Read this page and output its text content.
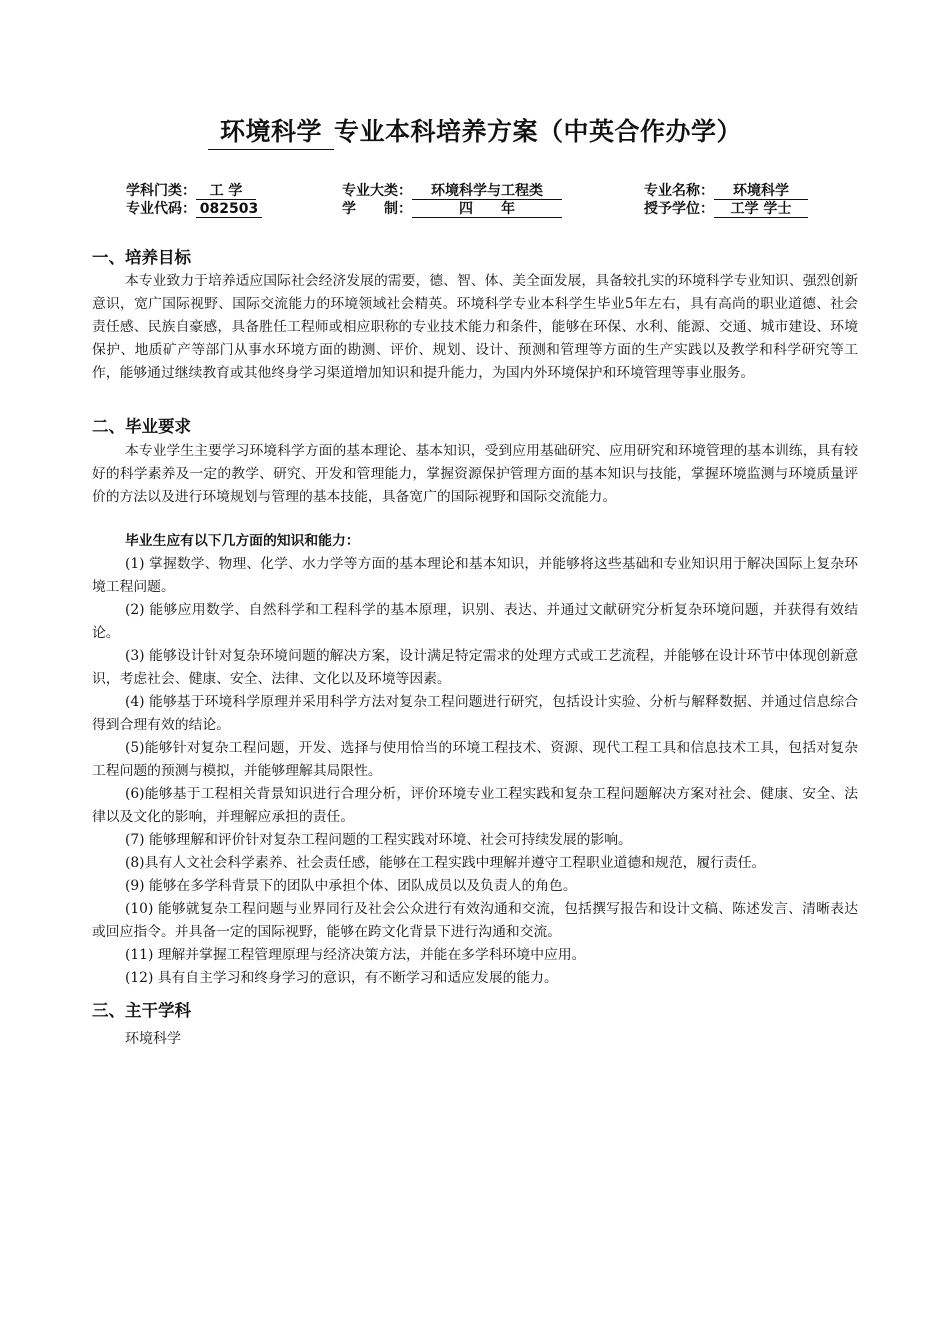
环境科学 专业本科培养方案（中英合作办学）
学科门类： 工 学	专业大类： 环境科学与工程类	专业名称： 环境科学
专业代码： 082503	学　　制：	四　　年	授予学位： 工学 学士
一、培养目标

本专业致力于培养适应国际社会经济发展的需要，德、智、体、美全面发展，具备较扎实的环境科学专业知识、强烈创新意识，宽广国际视野、国际交流能力的环境领域社会精英。环境科学专业本科学生毕业5年左右，具有高尚的职业道德、社会责任感、民族自豪感，具备胜任工程师或相应职称的专业技术能力和条件，能够在环保、水利、能源、交通、城市建设、环境保护、地质矿产等部门从事水环境方面的勘测、评价、规划、设计、预测和管理等方面的生产实践以及教学和科学研究等工作，能够通过继续教育或其他终身学习渠道增加知识和提升能力，为国内外环境保护和环境管理等事业服务。

二、毕业要求

本专业学生主要学习环境科学方面的基本理论、基本知识，受到应用基础研究、应用研究和环境管理的基本训练，具有较好的科学素养及一定的教学、研究、开发和管理能力，掌握资源保护管理方面的基本知识与技能，掌握环境监测与环境质量评价的方法以及进行环境规划与管理的基本技能，具备宽广的国际视野和国际交流能力。

毕业生应有以下几方面的知识和能力：

(1) 掌握数学、物理、化学、水力学等方面的基本理论和基本知识，并能够将这些基础和专业知识用于解决国际上复杂环境工程问题。

(2) 能够应用数学、自然科学和工程科学的基本原理，识别、表达、并通过文献研究分析复杂环境问题，并获得有效结论。

(3) 能够设计针对复杂环境问题的解决方案，设计满足特定需求的处理方式或工艺流程，并能够在设计环节中体现创新意识，考虑社会、健康、安全、法律、文化以及环境等因素。

(4) 能够基于环境科学原理并采用科学方法对复杂工程问题进行研究，包括设计实验、分析与解释数据、并通过信息综合得到合理有效的结论。

(5)能够针对复杂工程问题，开发、选择与使用恰当的环境工程技术、资源、现代工程工具和信息技术工具，包括对复杂工程问题的预测与模拟，并能够理解其局限性。

(6)能够基于工程相关背景知识进行合理分析，评价环境专业工程实践和复杂工程问题解决方案对社会、健康、安全、法律以及文化的影响，并理解应承担的责任。

(7) 能够理解和评价针对复杂工程问题的工程实践对环境、社会可持续发展的影响。

(8)具有人文社会科学素养、社会责任感，能够在工程实践中理解并遵守工程职业道德和规范，履行责任。

(9) 能够在多学科背景下的团队中承担个体、团队成员以及负责人的角色。

(10) 能够就复杂工程问题与业界同行及社会公众进行有效沟通和交流，包括撰写报告和设计文稿、陈述发言、清晰表达或回应指令。并具备一定的国际视野，能够在跨文化背景下进行沟通和交流。

(11) 理解并掌握工程管理原理与经济决策方法，并能在多学科环境中应用。

(12) 具有自主学习和终身学习的意识，有不断学习和适应发展的能力。

三、主干学科
环境科学
